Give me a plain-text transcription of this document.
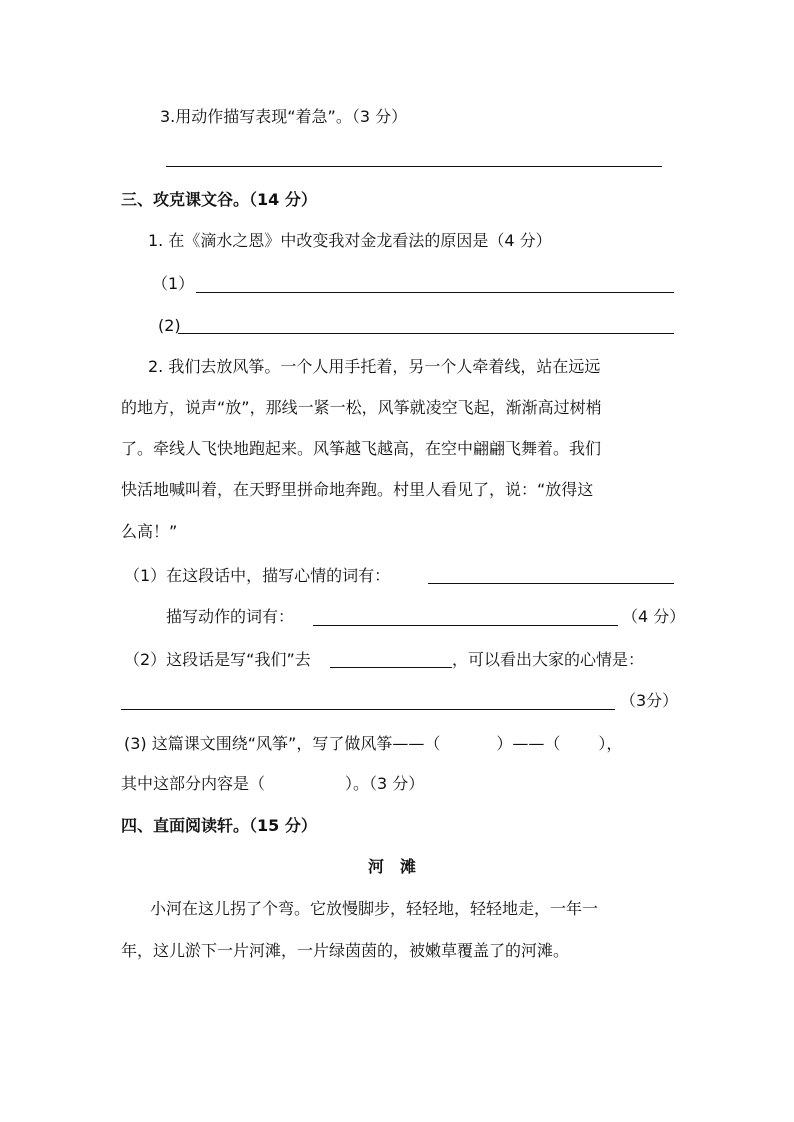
3.用动作描写表现“着急”。（3 分）
三、攻克课文谷。（14 分）
1. 在《滴水之恩》中改变我对金龙看法的原因是（4 分）
（1）
(2)
2. 我们去放风筝。一个人用手托着，另一个人牵着线，站在远远
的地方，说声“放”，那线一紧一松，风筝就凌空飞起，渐渐高过树梢
了。牵线人飞快地跑起来。风筝越飞越高，在空中翩翩飞舞着。我们
快活地喊叫着，在天野里拼命地奔跑。村里人看见了，说：“放得这
么高！”
（1）在这段话中，描写心情的词有：
描写动作的词有：	（4 分）
（2）这段话是写“我们”去	，可以看出大家的心情是：
（3分）
(3) 这篇课文围绕“风筝”，写了做风筝——（	）——（ ），
其中这部分内容是（	）。（3 分）
四、直面阅读轩。（15 分）
河　滩
小河在这儿拐了个弯。它放慢脚步，轻轻地，轻轻地走，一年一
年，这儿淤下一片河滩，一片绿茵茵的，被嫩草覆盖了的河滩。
